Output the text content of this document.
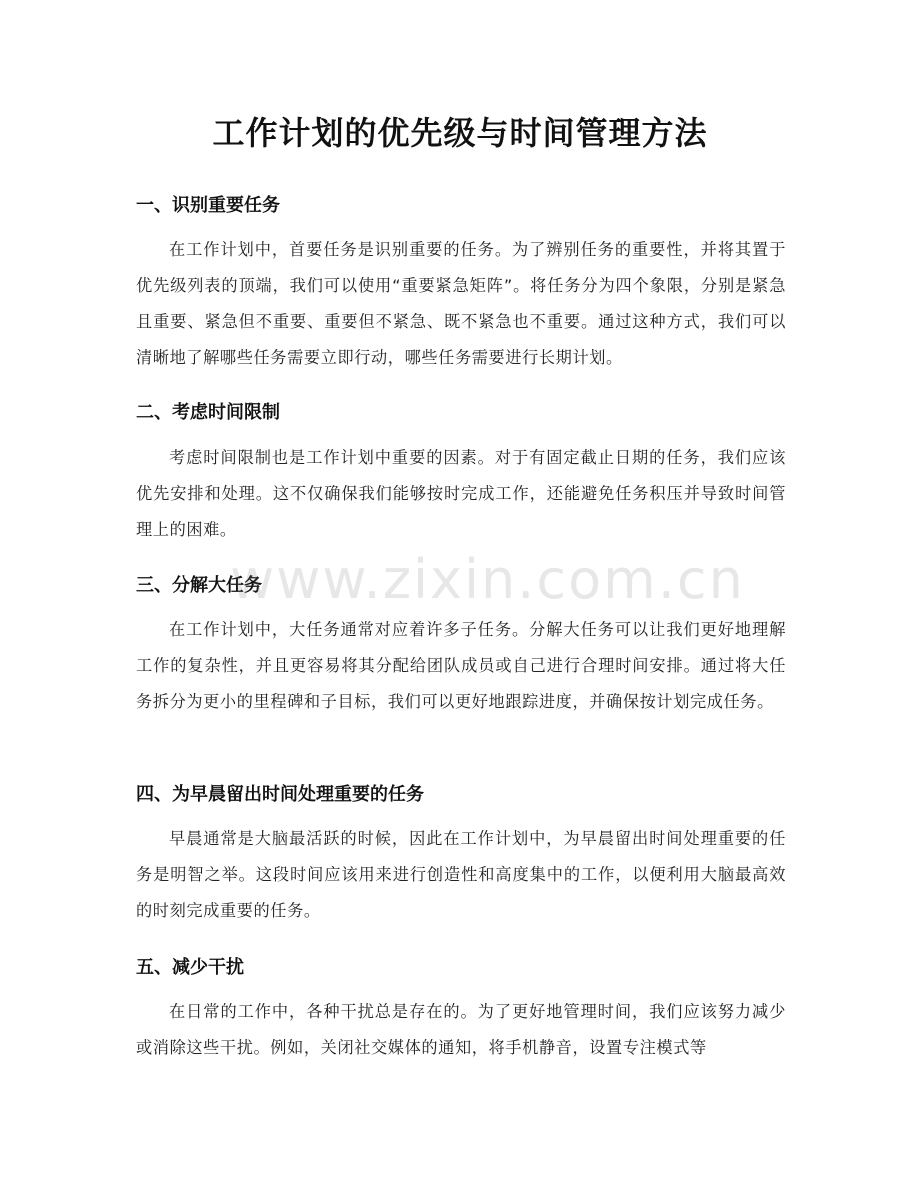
工作计划的优先级与时间管理方法
一、识别重要任务

在工作计划中，首要任务是识别重要的任务。为了辨别任务的重要性，并将其置于优先级列表的顶端，我们可以使用“重要紧急矩阵”。将任务分为四个象限，分别是紧急且重要、紧急但不重要、重要但不紧急、既不紧急也不重要。通过这种方式，我们可以清晰地了解哪些任务需要立即行动，哪些任务需要进行长期计划。

二、考虑时间限制

考虑时间限制也是工作计划中重要的因素。对于有固定截止日期的任务，我们应该优先安排和处理。这不仅确保我们能够按时完成工作，还能避免任务积压并导致时间管理上的困难。

三、分解大任务

在工作计划中，大任务通常对应着许多子任务。分解大任务可以让我们更好地理解工作的复杂性，并且更容易将其分配给团队成员或自己进行合理时间安排。通过将大任务拆分为更小的里程碑和子目标，我们可以更好地跟踪进度，并确保按计划完成任务。

四、为早晨留出时间处理重要的任务

早晨通常是大脑最活跃的时候，因此在工作计划中，为早晨留出时间处理重要的任务是明智之举。这段时间应该用来进行创造性和高度集中的工作，以便利用大脑最高效的时刻完成重要的任务。

五、减少干扰

在日常的工作中，各种干扰总是存在的。为了更好地管理时间，我们应该努力减少或消除这些干扰。例如，关闭社交媒体的通知，将手机静音，设置专注模式等

www.zixin.com.cn
